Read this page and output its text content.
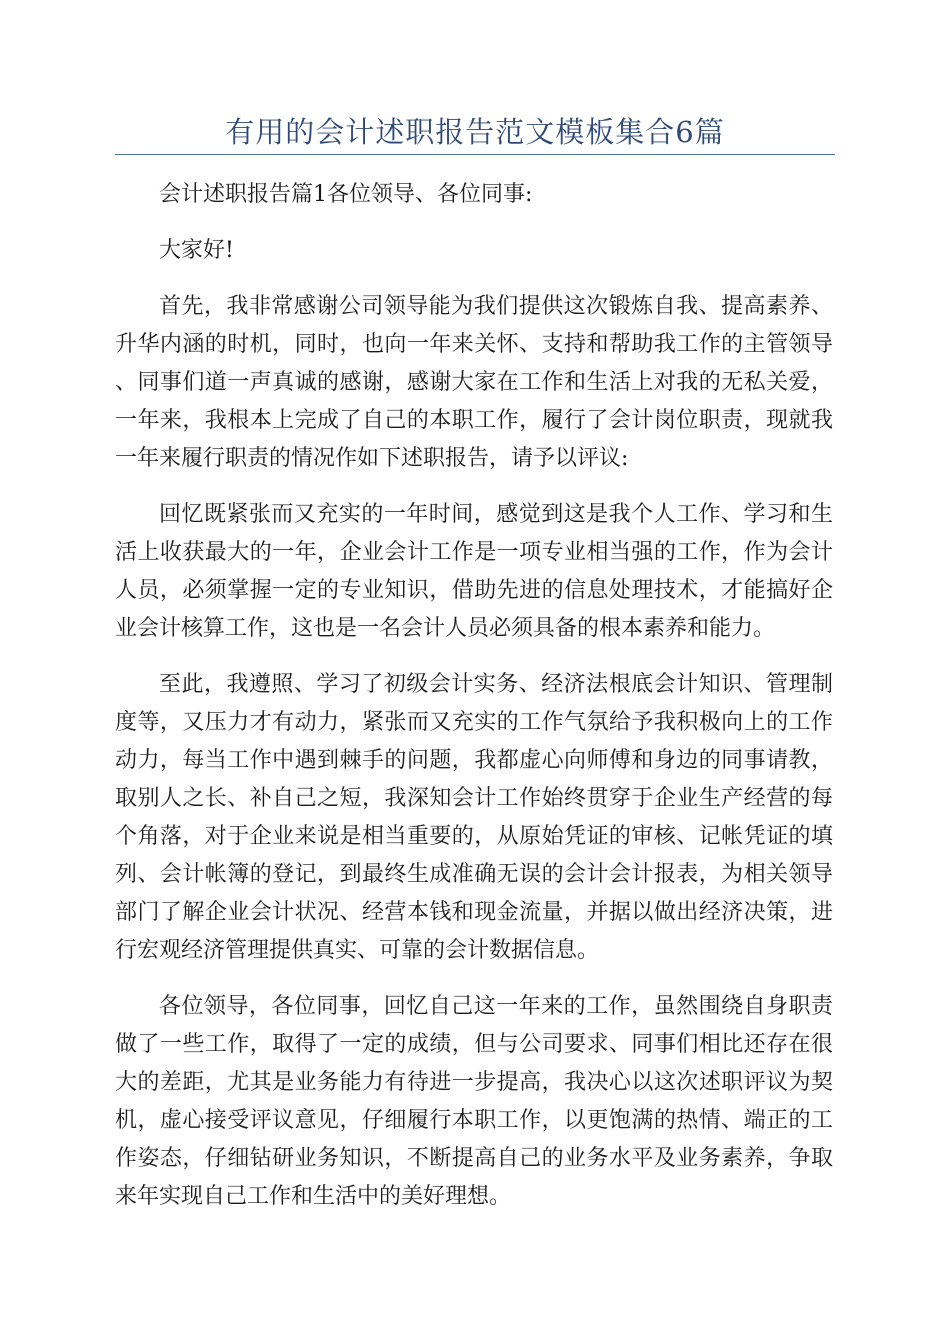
有用的会计述职报告范文模板集合6篇

会计述职报告篇1各位领导、各位同事:

大家好!

首先，我非常感谢公司领导能为我们提供这次锻炼自我、提高素养、升华内涵的时机，同时，也向一年来关怀、支持和帮助我工作的主管领导、同事们道一声真诚的感谢，感谢大家在工作和生活上对我的无私关爱，一年来，我根本上完成了自己的本职工作，履行了会计岗位职责，现就我一年来履行职责的情况作如下述职报告，请予以评议:

回忆既紧张而又充实的一年时间，感觉到这是我个人工作、学习和生活上收获最大的一年，企业会计工作是一项专业相当强的工作，作为会计人员，必须掌握一定的专业知识，借助先进的信息处理技术，才能搞好企业会计核算工作，这也是一名会计人员必须具备的根本素养和能力。

至此，我遵照、学习了初级会计实务、经济法根底会计知识、管理制度等，又压力才有动力，紧张而又充实的工作气氛给予我积极向上的工作动力，每当工作中遇到棘手的问题，我都虚心向师傅和身边的同事请教，取别人之长、补自己之短，我深知会计工作始终贯穿于企业生产经营的每个角落，对于企业来说是相当重要的，从原始凭证的审核、记帐凭证的填列、会计帐簿的登记，到最终生成准确无误的会计会计报表，为相关领导部门了解企业会计状况、经营本钱和现金流量，并据以做出经济决策，进行宏观经济管理提供真实、可靠的会计数据信息。

各位领导，各位同事，回忆自己这一年来的工作，虽然围绕自身职责做了一些工作，取得了一定的成绩，但与公司要求、同事们相比还存在很大的差距，尤其是业务能力有待进一步提高，我决心以这次述职评议为契机，虚心接受评议意见，仔细履行本职工作，以更饱满的热情、端正的工作姿态，仔细钻研业务知识，不断提高自己的业务水平及业务素养，争取来年实现自己工作和生活中的美好理想。
